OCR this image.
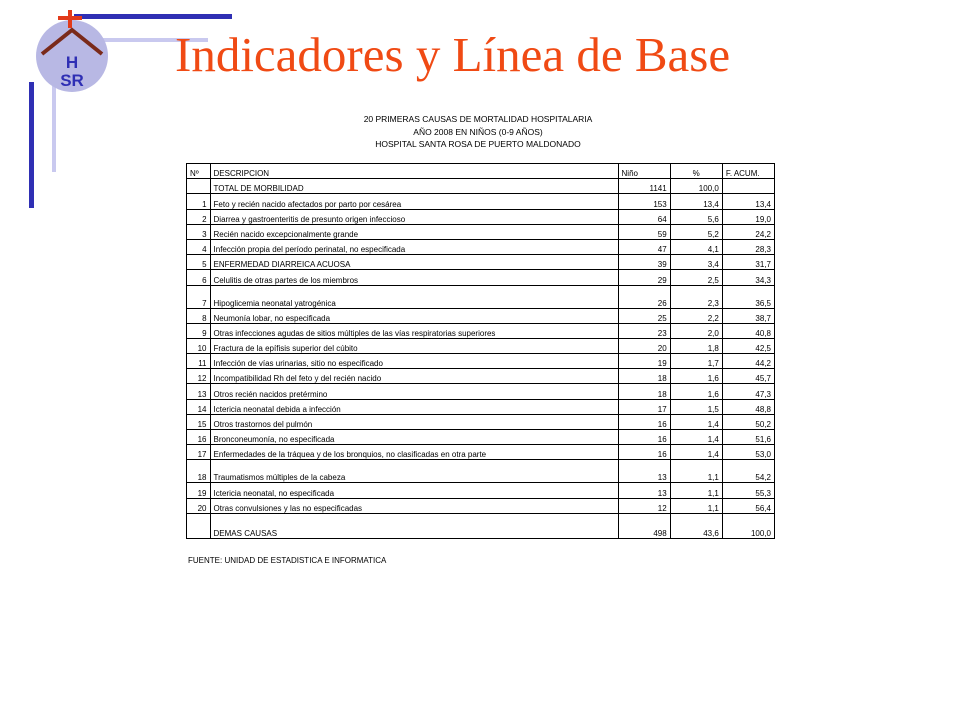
H
SR Indicadores y Línea de Base
20 PRIMERAS CAUSAS DE MORTALIDAD HOSPITALARIA
AÑO 2008 EN NIÑOS (0-9 AÑOS)
HOSPITAL SANTA ROSA DE PUERTO MALDONADO
Nº	DESCRIPCION	Niño	%	F. ACUM.
	TOTAL DE MORBILIDAD	1141	100,0	
1	Feto y recién nacido afectados por parto por cesárea	153	13,4	13,4
2	Diarrea y gastroenteritis de presunto origen infeccioso	64	5,6	19,0
3	Recién nacido excepcionalmente grande	59	5,2	24,2
4	Infección propia del período perinatal, no especificada	47	4,1	28,3
5	ENFERMEDAD DIARREICA ACUOSA	39	3,4	31,7
6	Celulitis de otras partes de los miembros	29	2,5	34,3
7	Hipoglicemia neonatal yatrogénica	26	2,3	36,5
8	Neumonía lobar, no especificada	25	2,2	38,7
9	Otras infecciones agudas de sitios múltiples de las vías respiratorias superiores	23	2,0	40,8
10	Fractura de la epífisis superior del cúbito	20	1,8	42,5
11	Infección de vías urinarias, sitio no especificado	19	1,7	44,2
12	Incompatibilidad Rh del feto y del recién nacido	18	1,6	45,7
13	Otros recién nacidos pretérmino	18	1,6	47,3
14	Ictericia neonatal debida a infección	17	1,5	48,8
15	Otros trastornos del pulmón	16	1,4	50,2
16	Bronconeumonía, no especificada	16	1,4	51,6
17	Enfermedades de la tráquea y de los bronquios, no clasificadas en otra parte	16	1,4	53,0
18	Traumatismos múltiples de la cabeza	13	1,1	54,2
19	Ictericia neonatal, no especificada	13	1,1	55,3
20	Otras convulsiones y las no especificadas	12	1,1	56,4
	DEMAS CAUSAS	498	43,6	100,0
FUENTE: UNIDAD DE ESTADISTICA E INFORMATICA
